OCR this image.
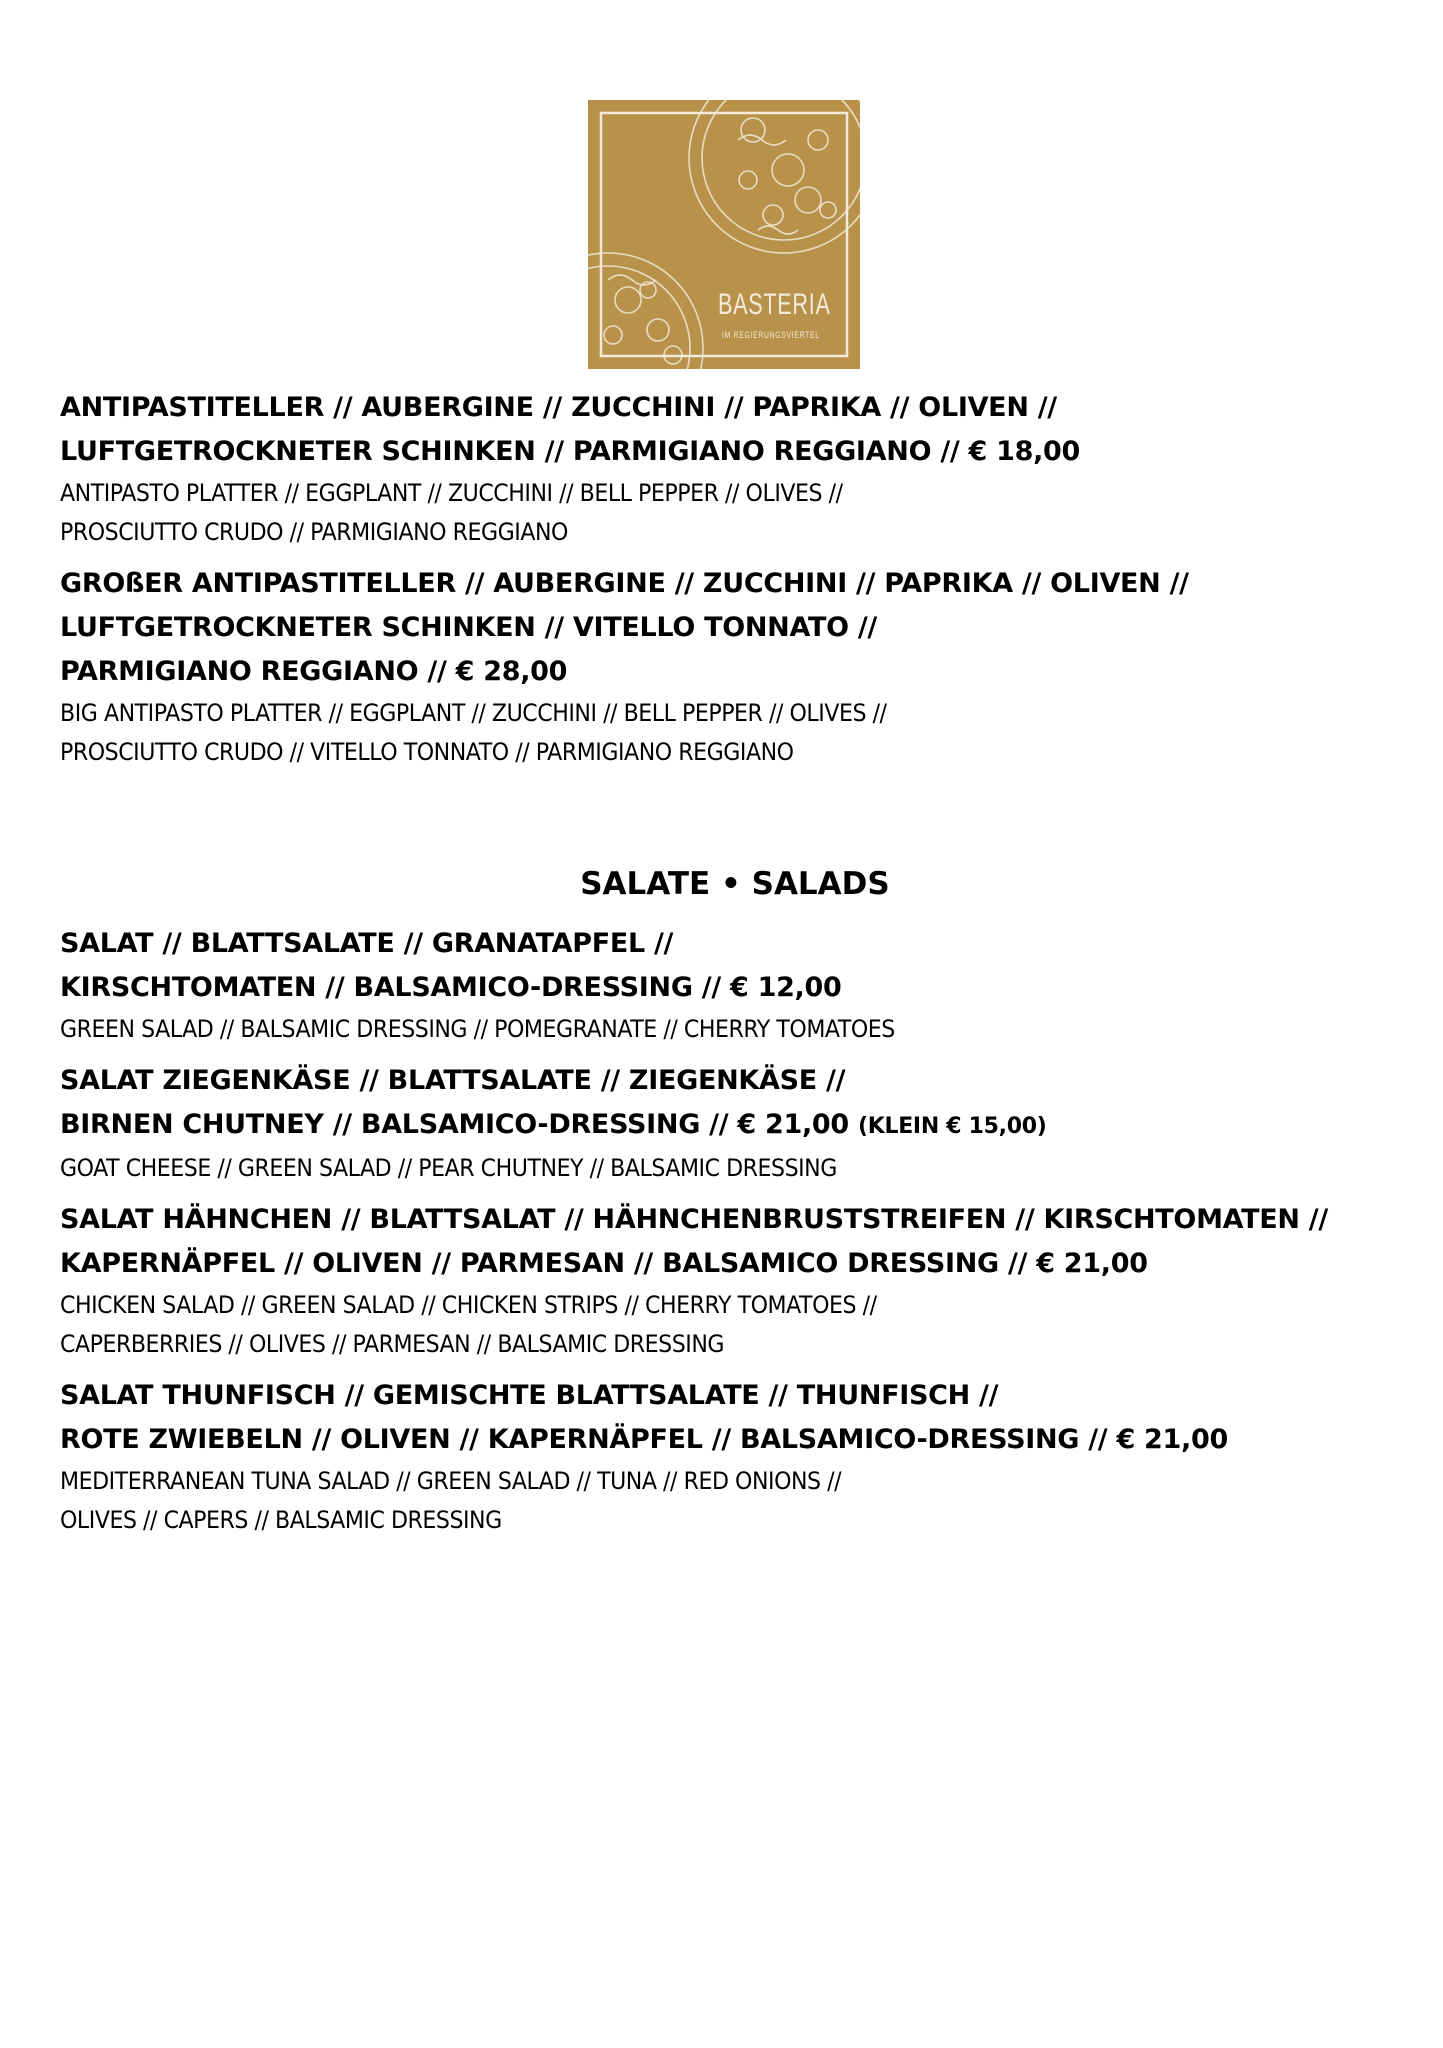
BASTERIA
IM REGIERUNGSVIERTEL
ANTIPASTITELLER // AUBERGINE // ZUCCHINI // PAPRIKA // OLIVEN //
LUFTGETROCKNETER SCHINKEN // PARMIGIANO REGGIANO // € 18,00
ANTIPASTO PLATTER // EGGPLANT // ZUCCHINI // BELL PEPPER // OLIVES //
PROSCIUTTO CRUDO // PARMIGIANO REGGIANO
GROßER ANTIPASTITELLER // AUBERGINE // ZUCCHINI // PAPRIKA // OLIVEN //
LUFTGETROCKNETER SCHINKEN // VITELLO TONNATO //
PARMIGIANO REGGIANO // € 28,00
BIG ANTIPASTO PLATTER // EGGPLANT // ZUCCHINI // BELL PEPPER // OLIVES //
PROSCIUTTO CRUDO // VITELLO TONNATO // PARMIGIANO REGGIANO
SALATE • SALADS
SALAT // BLATTSALATE // GRANATAPFEL //
KIRSCHTOMATEN // BALSAMICO-DRESSING // € 12,00
GREEN SALAD // BALSAMIC DRESSING // POMEGRANATE // CHERRY TOMATOES
SALAT ZIEGENKÄSE // BLATTSALATE // ZIEGENKÄSE //
BIRNEN CHUTNEY // BALSAMICO-DRESSING // € 21,00 (KLEIN € 15,00)
GOAT CHEESE // GREEN SALAD // PEAR CHUTNEY // BALSAMIC DRESSING
SALAT HÄHNCHEN // BLATTSALAT // HÄHNCHENBRUSTSTREIFEN // KIRSCHTOMATEN //
KAPERNÄPFEL // OLIVEN // PARMESAN // BALSAMICO DRESSING // € 21,00
CHICKEN SALAD // GREEN SALAD // CHICKEN STRIPS // CHERRY TOMATOES //
CAPERBERRIES // OLIVES // PARMESAN // BALSAMIC DRESSING
SALAT THUNFISCH // GEMISCHTE BLATTSALATE // THUNFISCH //
ROTE ZWIEBELN // OLIVEN // KAPERNÄPFEL // BALSAMICO-DRESSING // € 21,00
MEDITERRANEAN TUNA SALAD // GREEN SALAD // TUNA // RED ONIONS //
OLIVES // CAPERS // BALSAMIC DRESSING
